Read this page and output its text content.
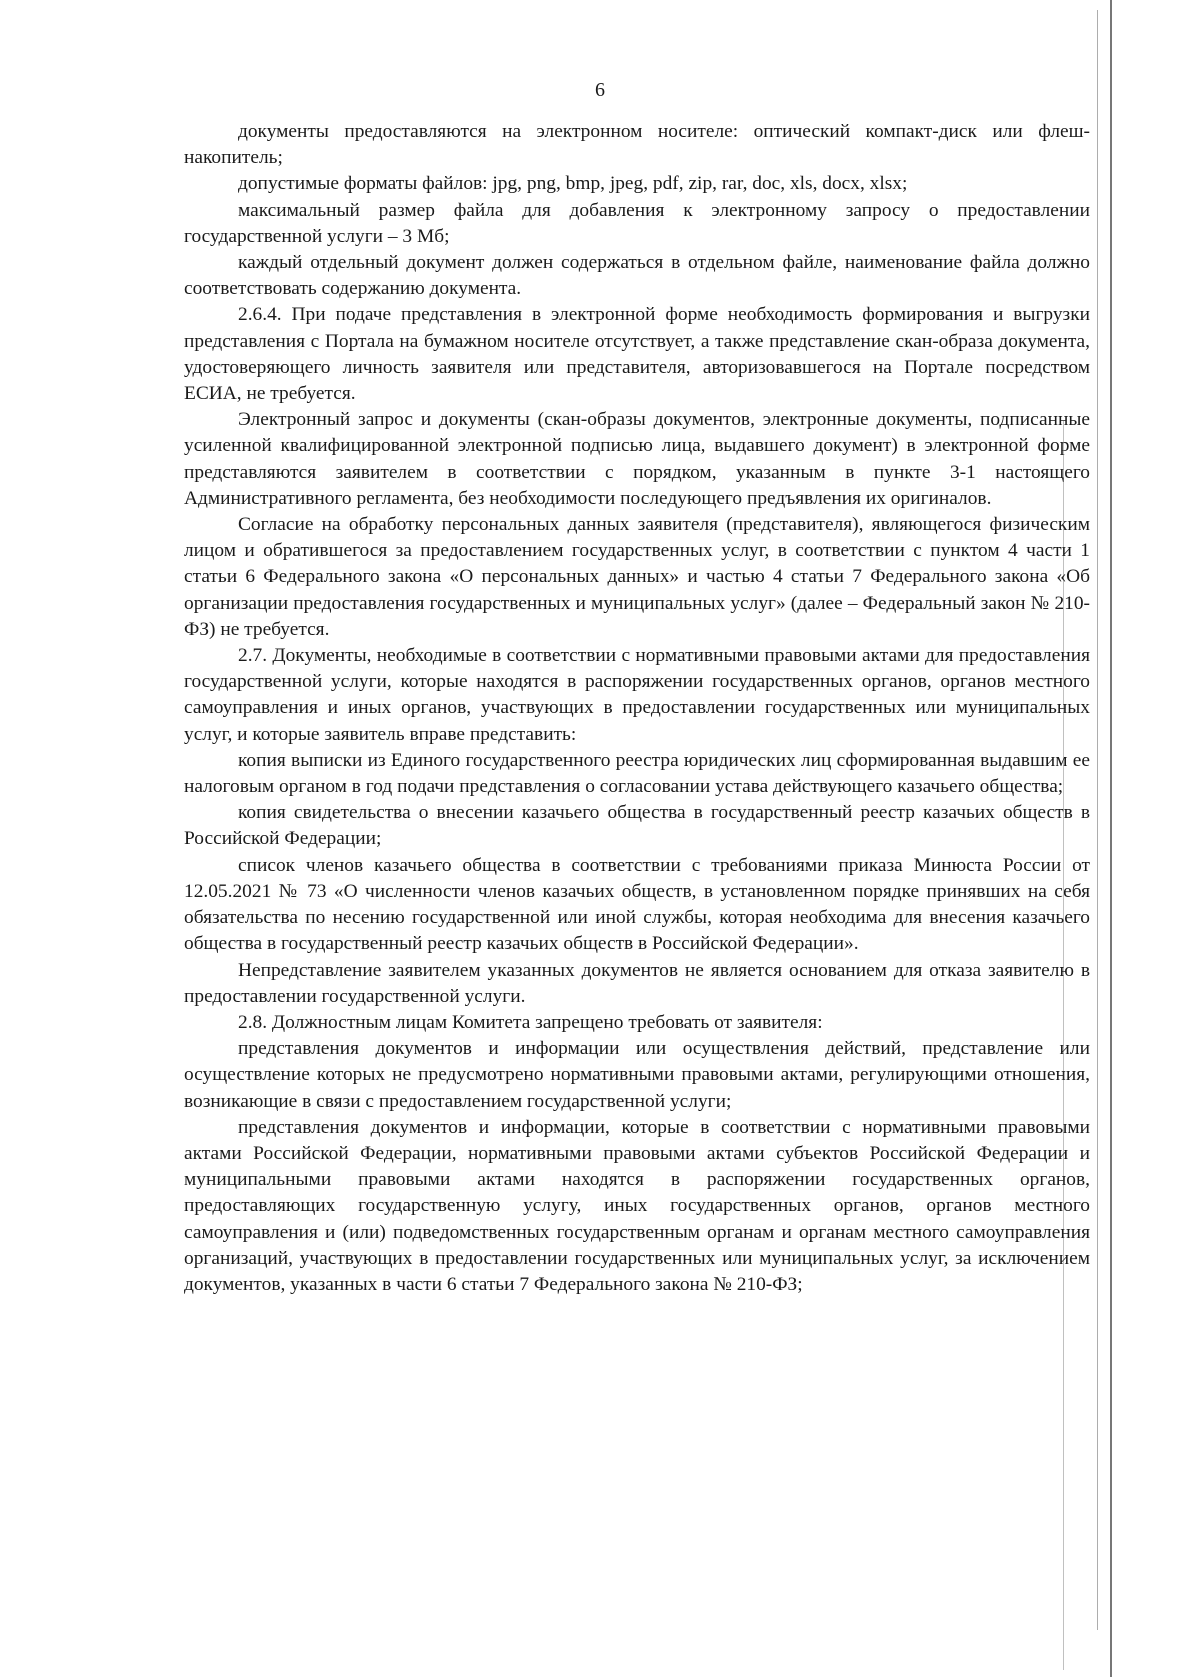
6

документы предоставляются на электронном носителе: оптический компакт-диск или флеш-накопитель;

допустимые форматы файлов: jpg, png, bmp, jpeg, pdf, zip, rar, doc, xls, docx, xlsx;

максимальный размер файла для добавления к электронному запросу о предоставлении государственной услуги – 3 Мб;

каждый отдельный документ должен содержаться в отдельном файле, наименование файла должно соответствовать содержанию документа.

2.6.4. При подаче представления в электронной форме необходимость формирования и выгрузки представления с Портала на бумажном носителе отсутствует, а также представление скан-образа документа, удостоверяющего личность заявителя или представителя, авторизовавшегося на Портале посредством ЕСИА, не требуется.

Электронный запрос и документы (скан-образы документов, электронные документы, подписанные усиленной квалифицированной электронной подписью лица, выдавшего документ) в электронной форме представляются заявителем в соответствии с порядком, указанным в пункте 3-1 настоящего Административного регламента, без необходимости последующего предъявления их оригиналов.

Согласие на обработку персональных данных заявителя (представителя), являющегося физическим лицом и обратившегося за предоставлением государственных услуг, в соответствии с пунктом 4 части 1 статьи 6 Федерального закона «О персональных данных» и частью 4 статьи 7 Федерального закона «Об организации предоставления государственных и муниципальных услуг» (далее – Федеральный закон № 210-ФЗ) не требуется.

2.7. Документы, необходимые в соответствии с нормативными правовыми актами для предоставления государственной услуги, которые находятся в распоряжении государственных органов, органов местного самоуправления и иных органов, участвующих в предоставлении государственных или муниципальных услуг, и которые заявитель вправе представить:

копия выписки из Единого государственного реестра юридических лиц сформированная выдавшим ее налоговым органом в год подачи представления о согласовании устава действующего казачьего общества;

копия свидетельства о внесении казачьего общества в государственный реестр казачьих обществ в Российской Федерации;

список членов казачьего общества в соответствии с требованиями приказа Минюста России от 12.05.2021 № 73 «О численности членов казачьих обществ, в установленном порядке принявших на себя обязательства по несению государственной или иной службы, которая необходима для внесения казачьего общества в государственный реестр казачьих обществ в Российской Федерации».

Непредставление заявителем указанных документов не является основанием для отказа заявителю в предоставлении государственной услуги.

2.8. Должностным лицам Комитета запрещено требовать от заявителя:

представления документов и информации или осуществления действий, представление или осуществление которых не предусмотрено нормативными правовыми актами, регулирующими отношения, возникающие в связи с предоставлением государственной услуги;

представления документов и информации, которые в соответствии с нормативными правовыми актами Российской Федерации, нормативными правовыми актами субъектов Российской Федерации и муниципальными правовыми актами находятся в распоряжении государственных органов, предоставляющих государственную услугу, иных государственных органов, органов местного самоуправления и (или) подведомственных государственным органам и органам местного самоуправления организаций, участвующих в предоставлении государственных или муниципальных услуг, за исключением документов, указанных в части 6 статьи 7 Федерального закона № 210-ФЗ;
